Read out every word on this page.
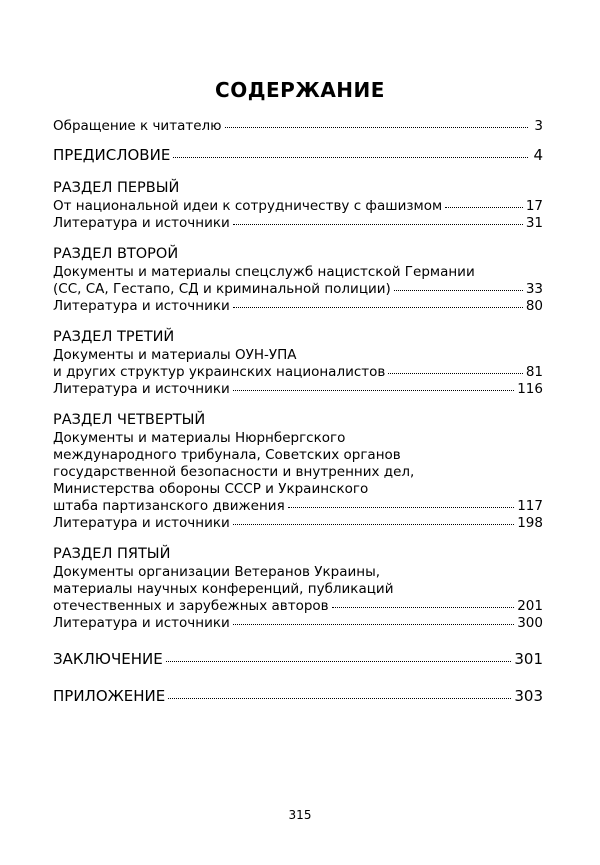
СОДЕРЖАНИЕ
Обращение к читателю	3
ПРЕДИСЛОВИЕ	4
РАЗДЕЛ ПЕРВЫЙ
От национальной идеи к сотрудничеству с фашизмом	17
Литература и источники	31
РАЗДЕЛ ВТОРОЙ
Документы и материалы спецслужб нацистской Германии
(СС, СА, Гестапо, СД и криминальной полиции)	33
Литература и источники	80
РАЗДЕЛ ТРЕТИЙ
Документы и материалы ОУН-УПА
и других структур украинских националистов	81
Литература и источники	116
РАЗДЕЛ ЧЕТВЕРТЫЙ
Документы и материалы Нюрнбергского
международного трибунала, Советских органов
государственной безопасности и внутренних дел,
Министерства обороны СССР и Украинского
штаба партизанского движения	117
Литература и источники	198
РАЗДЕЛ ПЯТЫЙ
Документы организации Ветеранов Украины,
материалы научных конференций, публикаций
отечественных и зарубежных авторов	201
Литература и источники	300
ЗАКЛЮЧЕНИЕ	301
ПРИЛОЖЕНИЕ	303
315
